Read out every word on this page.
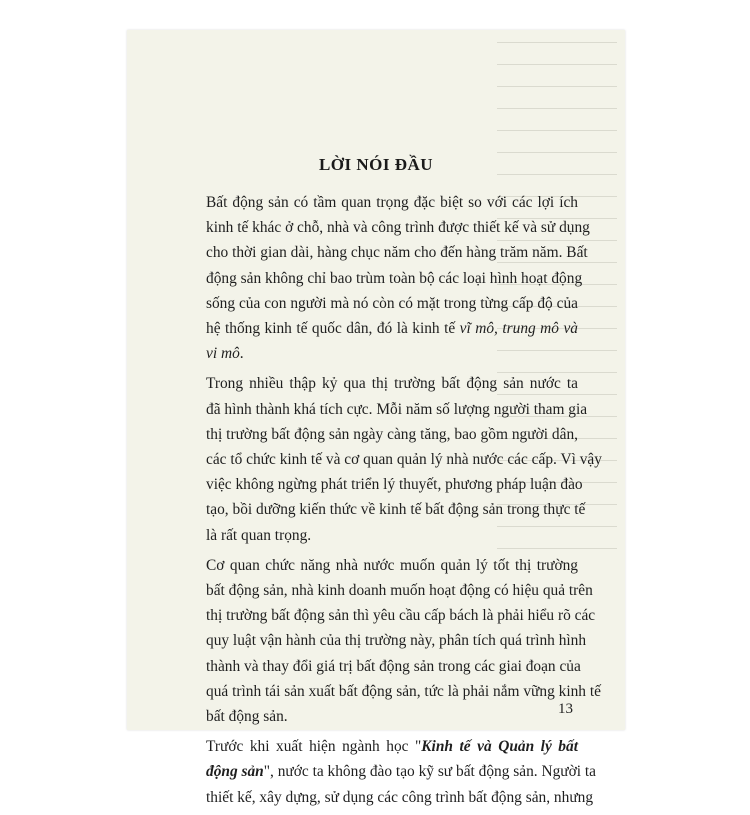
LỜI NÓI ĐẦU
Bất động sản có tầm quan trọng đặc biệt so với các lợi ích
kinh tế khác ở chỗ, nhà và công trình được thiết kế và sử dụng
cho thời gian dài, hàng chục năm cho đến hàng trăm năm. Bất
động sản không chỉ bao trùm toàn bộ các loại hình hoạt động
sống của con người mà nó còn có mặt trong từng cấp độ của
hệ thống kinh tế quốc dân, đó là kinh tế vĩ mô, trung mô và
vi mô.
Trong nhiều thập kỷ qua thị trường bất động sản nước ta
đã hình thành khá tích cực. Mỗi năm số lượng người tham gia
thị trường bất động sản ngày càng tăng, bao gồm người dân,
các tổ chức kinh tế và cơ quan quản lý nhà nước các cấp. Vì vậy
việc không ngừng phát triển lý thuyết, phương pháp luận đào
tạo, bồi dưỡng kiến thức về kinh tế bất động sản trong thực tế
là rất quan trọng.
Cơ quan chức năng nhà nước muốn quản lý tốt thị trường
bất động sản, nhà kinh doanh muốn hoạt động có hiệu quả trên
thị trường bất động sản thì yêu cầu cấp bách là phải hiểu rõ các
quy luật vận hành của thị trường này, phân tích quá trình hình
thành và thay đổi giá trị bất động sản trong các giai đoạn của
quá trình tái sản xuất bất động sản, tức là phải nắm vững kinh tế
bất động sản.
Trước khi xuất hiện ngành học "Kinh tế và Quản lý bất
động sản", nước ta không đào tạo kỹ sư bất động sản. Người ta
thiết kế, xây dựng, sử dụng các công trình bất động sản, nhưng
13
